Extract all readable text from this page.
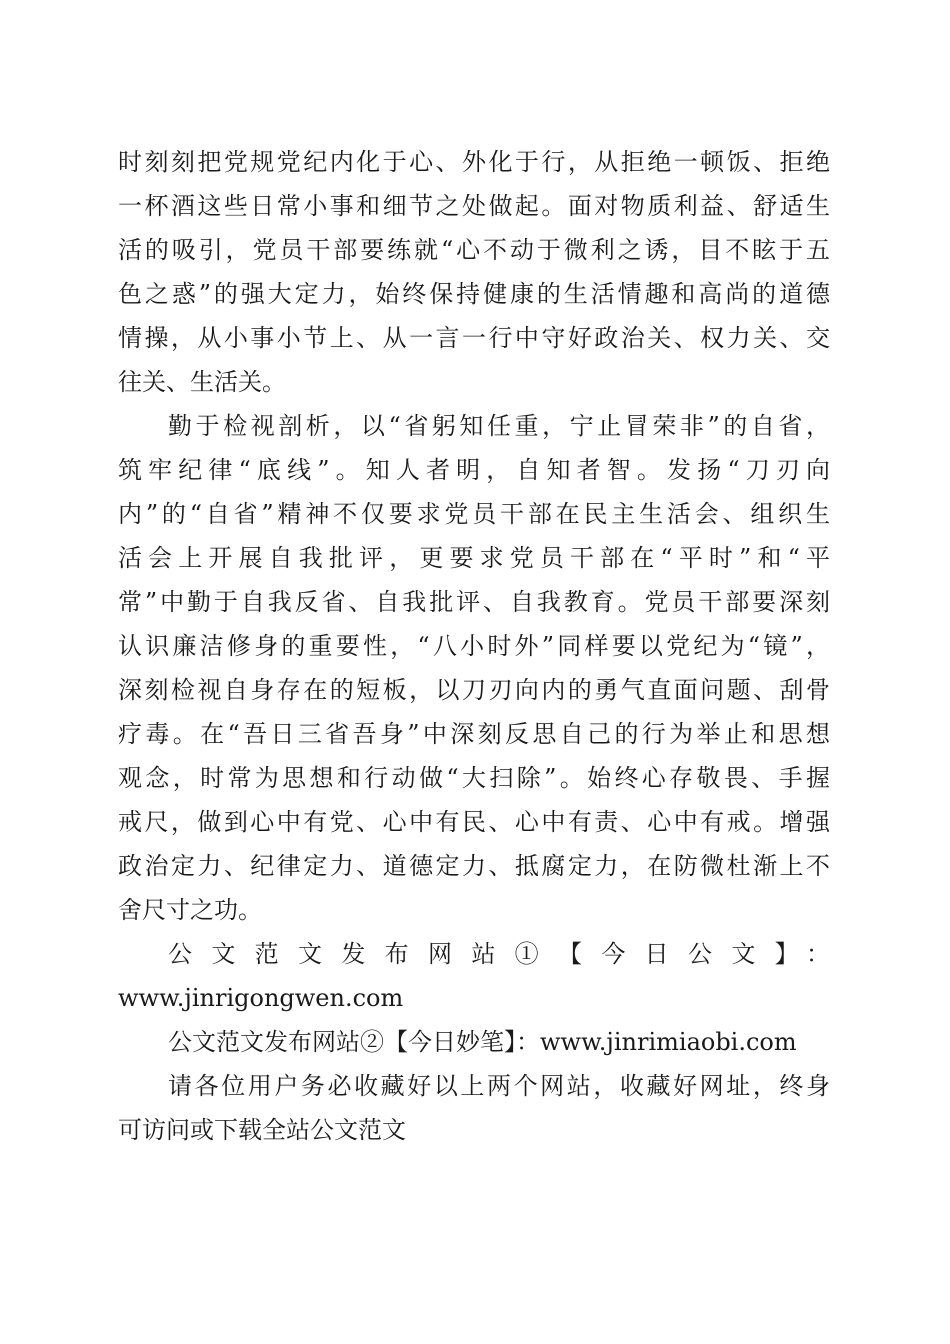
时刻刻把党规党纪内化于心、外化于行，从拒绝一顿饭、拒绝
一杯酒这些日常小事和细节之处做起。面对物质利益、舒适生
活的吸引，党员干部要练就“心不动于微利之诱，目不眩于五
色之惑”的强大定力，始终保持健康的生活情趣和高尚的道德
情操，从小事小节上、从一言一行中守好政治关、权力关、交
往关、生活关。
勤于检视剖析，以“省躬知任重，宁止冒荣非”的自省，
筑牢纪律“底线”。知人者明，自知者智。发扬“刀刃向
内”的“自省”精神不仅要求党员干部在民主生活会、组织生
活会上开展自我批评，更要求党员干部在“平时”和“平
常”中勤于自我反省、自我批评、自我教育。党员干部要深刻
认识廉洁修身的重要性，“八小时外”同样要以党纪为“镜”，
深刻检视自身存在的短板，以刀刃向内的勇气直面问题、刮骨
疗毒。在“吾日三省吾身”中深刻反思自己的行为举止和思想
观念，时常为思想和行动做“大扫除”。始终心存敬畏、手握
戒尺，做到心中有党、心中有民、心中有责、心中有戒。增强
政治定力、纪律定力、道德定力、抵腐定力，在防微杜渐上不
舍尺寸之功。
公文范文发布网站①【今日公文】：
www.jinrigongwen.com
公文范文发布网站②【今日妙笔】：www.jinrimiaobi.com
请各位用户务必收藏好以上两个网站，收藏好网址，终身
可访问或下载全站公文范文
